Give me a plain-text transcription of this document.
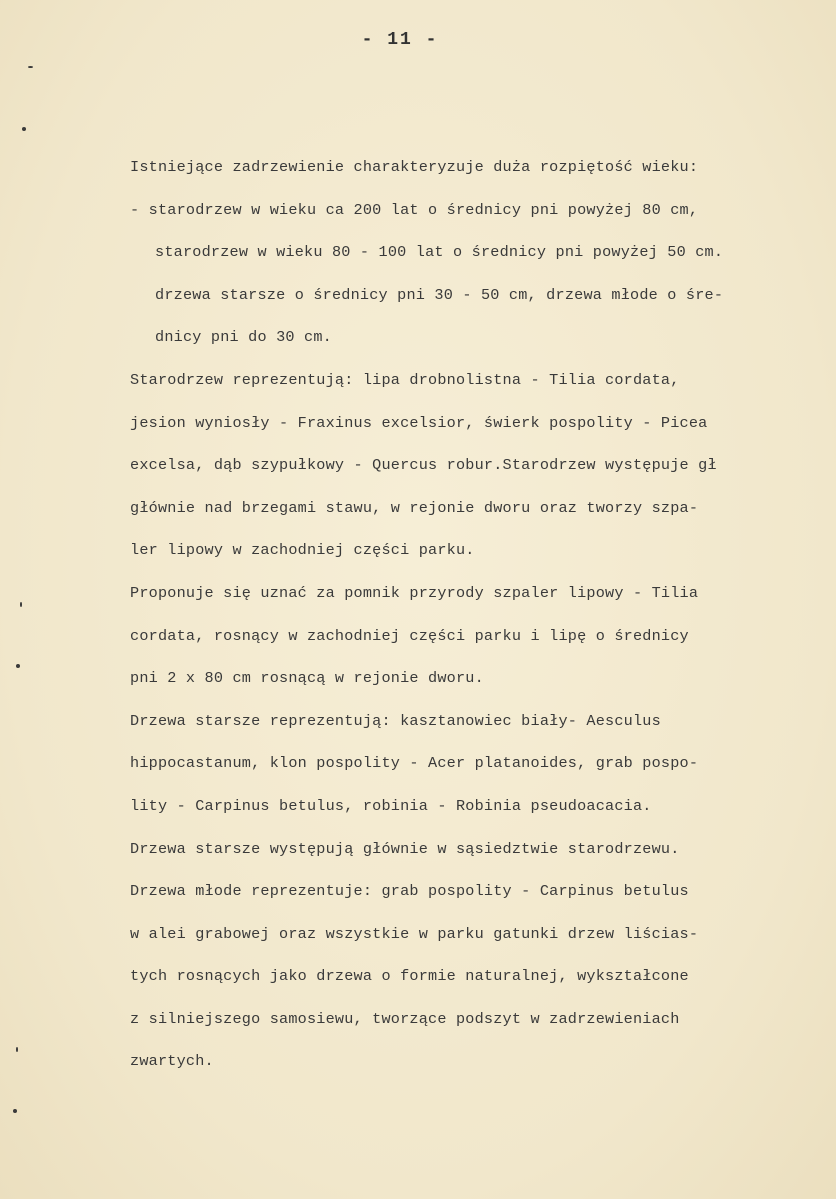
- 11 -
Istniejące zadrzewienie charakteryzuje duża rozpiętość wieku:
- starodrzew w wieku ca 200 lat o średnicy pni powyżej 80 cm,
starodrzew w wieku 80 - 100 lat o średnicy pni powyżej 50 cm.
drzewa starsze o średnicy pni 30 - 50 cm, drzewa młode o śre-
dnicy pni do 30 cm.
Starodrzew reprezentują: lipa drobnolistna - Tilia cordata,
jesion wyniosły - Fraxinus excelsior, świerk pospolity - Picea
excelsa, dąb szypułkowy - Quercus robur.Starodrzew występuje gł
głównie nad brzegami stawu, w rejonie dworu oraz tworzy szpa-
ler lipowy w zachodniej części parku.
Proponuje się uznać za pomnik przyrody szpaler lipowy - Tilia
cordata, rosnący w zachodniej części parku i lipę o średnicy
pni 2 x 80 cm rosnącą w rejonie dworu.
Drzewa starsze reprezentują: kasztanowiec biały- Aesculus
hippocastanum, klon pospolity - Acer platanoides, grab pospo-
lity - Carpinus betulus, robinia - Robinia pseudoacacia.
Drzewa starsze występują głównie w sąsiedztwie starodrzewu.
Drzewa młode reprezentuje: grab pospolity - Carpinus betulus
w alei grabowej oraz wszystkie w parku gatunki drzew liścias-
tych rosnących jako drzewa o formie naturalnej, wykształcone
z silniejszego samosiewu, tworzące podszyt w zadrzewieniach
zwartych.
